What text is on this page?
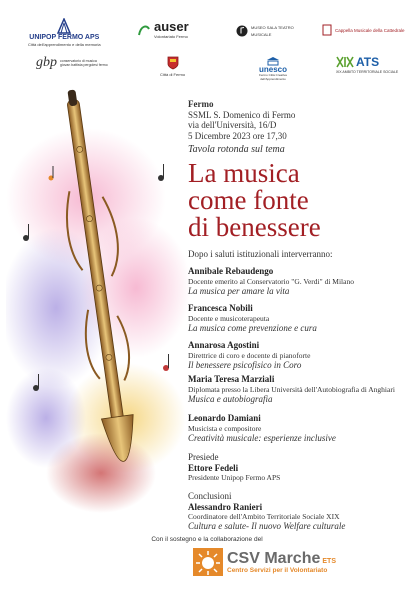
UNIPOP FERMO APS
Città dell'apprendimento e della memoria
auser
Volontariato Fermo
MUSEO SALA TEATRO MUSICALE
Cappella Musicale della Cattedrale
gbp conservatorio di musica giovan battista pergolesi fermo
Città di Fermo
unesco
Fermo Città Creativa dell'Apprendimento
ATS
XIX AMBITO TERRITORIALE SOCIALE
Fermo
SSML S. Domenico di Fermo
via dell'Università, 16/D
5 Dicembre 2023 ore 17,30
Tavola rotonda sul tema
La musica
come fonte
di benessere
Dopo i saluti istituzionali interverranno:
Annibale Rebaudengo
Docente emerito al Conservatorio "G. Verdi" di Milano
La musica per amare la vita
Francesca Nobili
Docente e musicoterapeuta
La musica come prevenzione e cura
Annarosa Agostini
Direttrice di coro e docente di pianoforte
Il benessere psicofisico in Coro
Maria Teresa Marziali
Diplomata presso la Libera Università dell'Autobiografia di Anghiari
Musica e autobiografia
Leonardo Damiani
Musicista e compositore
Creatività musicale: esperienze inclusive
Presiede
Ettore Fedeli
Presidente Unipop Fermo APS
Conclusioni
Alessandro Ranieri
Coordinatore dell'Ambito Territoriale Sociale XIX
Cultura e salute- Il nuovo Welfare culturale
Con il sostegno e la collaborazione del
CSV Marche ETS
Centro Servizi per il Volontariato
